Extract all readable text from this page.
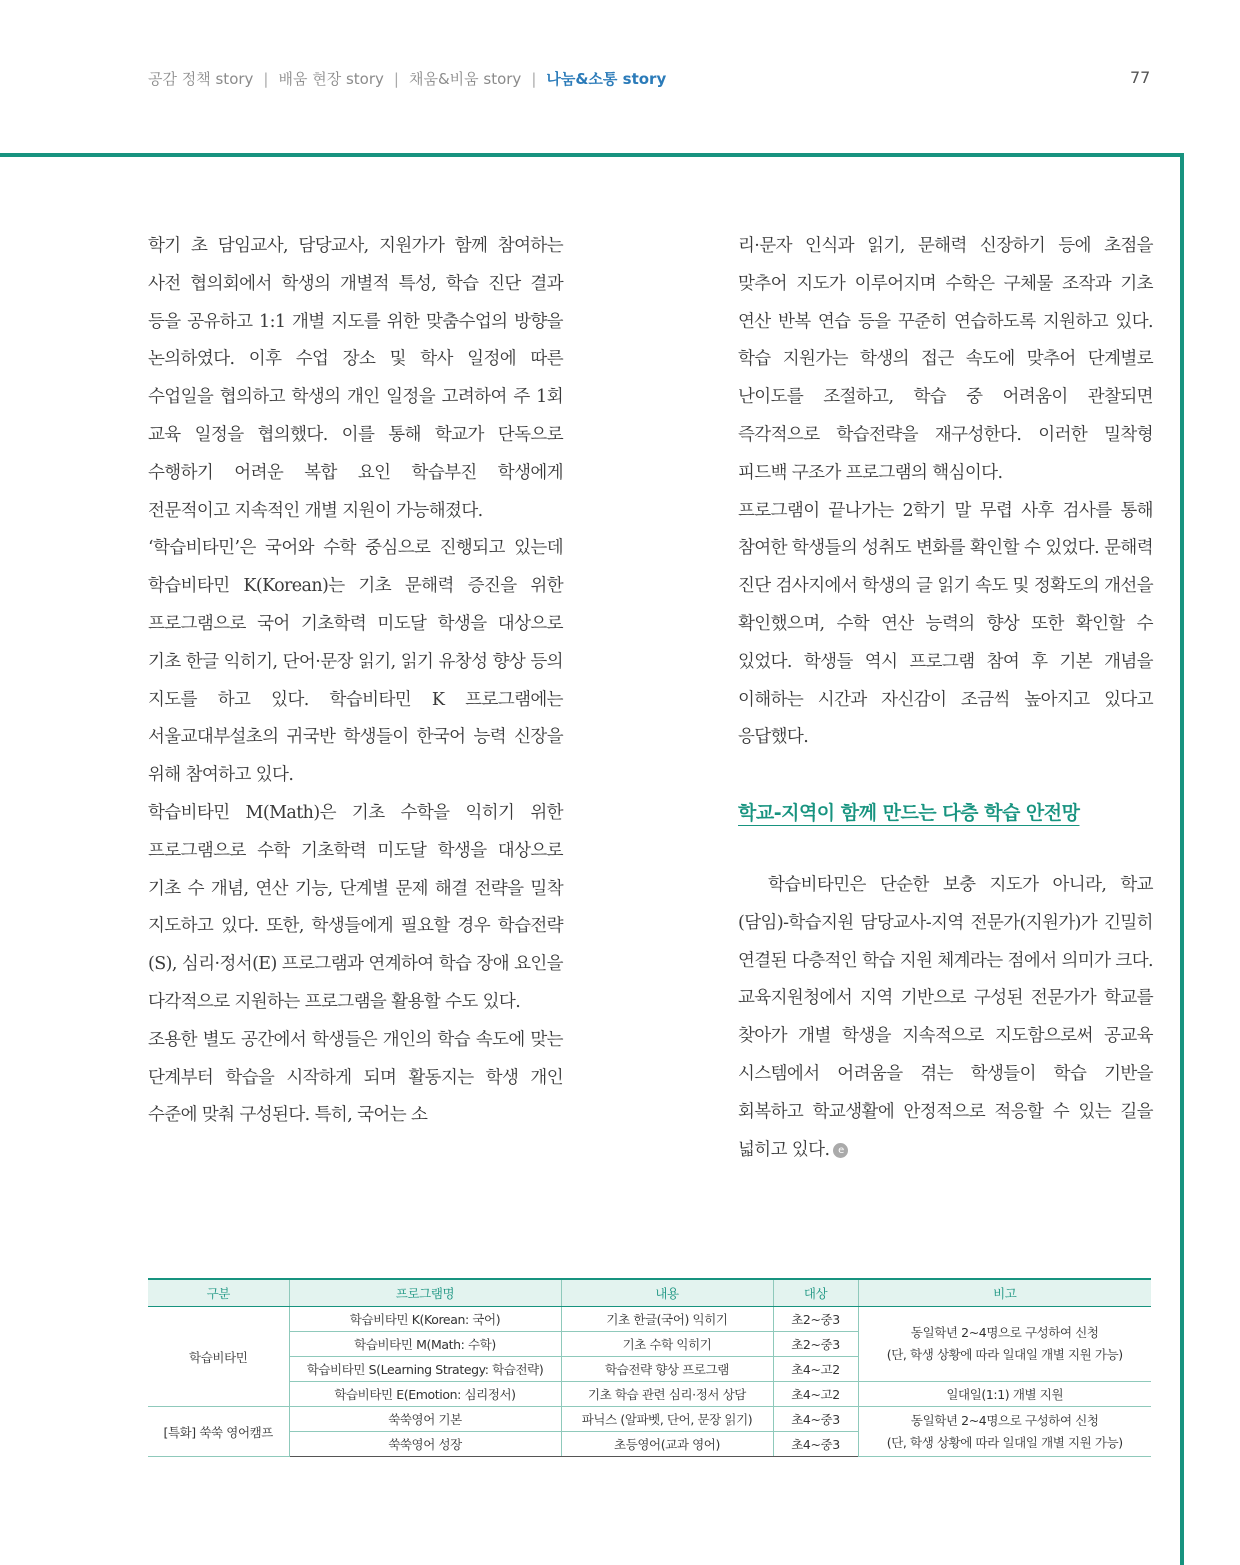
공감 정책 story | 배움 현장 story | 채움&비움 story | 나눔&소통 story	77

학기 초 담임교사, 담당교사, 지원가가 함께 참여하는 사전 협의회에서 학생의 개별적 특성, 학습 진단 결과 등을 공유하고 1:1 개별 지도를 위한 맞춤수업의 방향을 논의하였다. 이후 수업 장소 및 학사 일정에 따른 수업일을 협의하고 학생의 개인 일정을 고려하여 주 1회 교육 일정을 협의했다. 이를 통해 학교가 단독으로 수행하기 어려운 복합 요인 학습부진 학생에게 전문적이고 지속적인 개별 지원이 가능해졌다.

‘학습비타민’은 국어와 수학 중심으로 진행되고 있는데 학습비타민 K(Korean)는 기초 문해력 증진을 위한 프로그램으로 국어 기초학력 미도달 학생을 대상으로 기초 한글 익히기, 단어·문장 읽기, 읽기 유창성 향상 등의 지도를 하고 있다. 학습비타민 K 프로그램에는 서울교대부설초의 귀국반 학생들이 한국어 능력 신장을 위해 참여하고 있다.

학습비타민 M(Math)은 기초 수학을 익히기 위한 프로그램으로 수학 기초학력 미도달 학생을 대상으로 기초 수 개념, 연산 기능, 단계별 문제 해결 전략을 밀착 지도하고 있다. 또한, 학생들에게 필요할 경우 학습전략(S), 심리·정서(E) 프로그램과 연계하여 학습 장애 요인을 다각적으로 지원하는 프로그램을 활용할 수도 있다.

조용한 별도 공간에서 학생들은 개인의 학습 속도에 맞는 단계부터 학습을 시작하게 되며 활동지는 학생 개인 수준에 맞춰 구성된다. 특히, 국어는 소

리·문자 인식과 읽기, 문해력 신장하기 등에 초점을 맞추어 지도가 이루어지며 수학은 구체물 조작과 기초 연산 반복 연습 등을 꾸준히 연습하도록 지원하고 있다. 학습 지원가는 학생의 접근 속도에 맞추어 단계별로 난이도를 조절하고, 학습 중 어려움이 관찰되면 즉각적으로 학습전략을 재구성한다. 이러한 밀착형 피드백 구조가 프로그램의 핵심이다.

프로그램이 끝나가는 2학기 말 무렵 사후 검사를 통해 참여한 학생들의 성취도 변화를 확인할 수 있었다. 문해력 진단 검사지에서 학생의 글 읽기 속도 및 정확도의 개선을 확인했으며, 수학 연산 능력의 향상 또한 확인할 수 있었다. 학생들 역시 프로그램 참여 후 기본 개념을 이해하는 시간과 자신감이 조금씩 높아지고 있다고 응답했다.

학교-지역이 함께 만드는 다층 학습 안전망

학습비타민은 단순한 보충 지도가 아니라, 학교(담임)-학습지원 담당교사-지역 전문가(지원가)가 긴밀히 연결된 다층적인 학습 지원 체계라는 점에서 의미가 크다. 교육지원청에서 지역 기반으로 구성된 전문가가 학교를 찾아가 개별 학생을 지속적으로 지도함으로써 공교육 시스템에서 어려움을 겪는 학생들이 학습 기반을 회복하고 학교생활에 안정적으로 적응할 수 있는 길을 넓히고 있다. e

구분	프로그램명	내용	대상	비고
학습비타민	학습비타민 K(Korean: 국어)	기초 한글(국어) 익히기	초2~중3	동일학년 2~4명으로 구성하여 신청
(단, 학생 상황에 따라 일대일 개별 지원 가능)
	학습비타민 M(Math: 수학)	기초 수학 익히기	초2~중3	
	학습비타민 S(Learning Strategy: 학습전략)	학습전략 향상 프로그램	초4~고2	
	학습비타민 E(Emotion: 심리정서)	기초 학습 관련 심리·정서 상담	초4~고2	일대일(1:1) 개별 지원
[특화] 쑥쑥 영어캠프	쑥쑥영어 기본	파닉스 (알파벳, 단어, 문장 읽기)	초4~중3	동일학년 2~4명으로 구성하여 신청
(단, 학생 상황에 따라 일대일 개별 지원 가능)
	쑥쑥영어 성장	초등영어(교과 영어)	초4~중3	
